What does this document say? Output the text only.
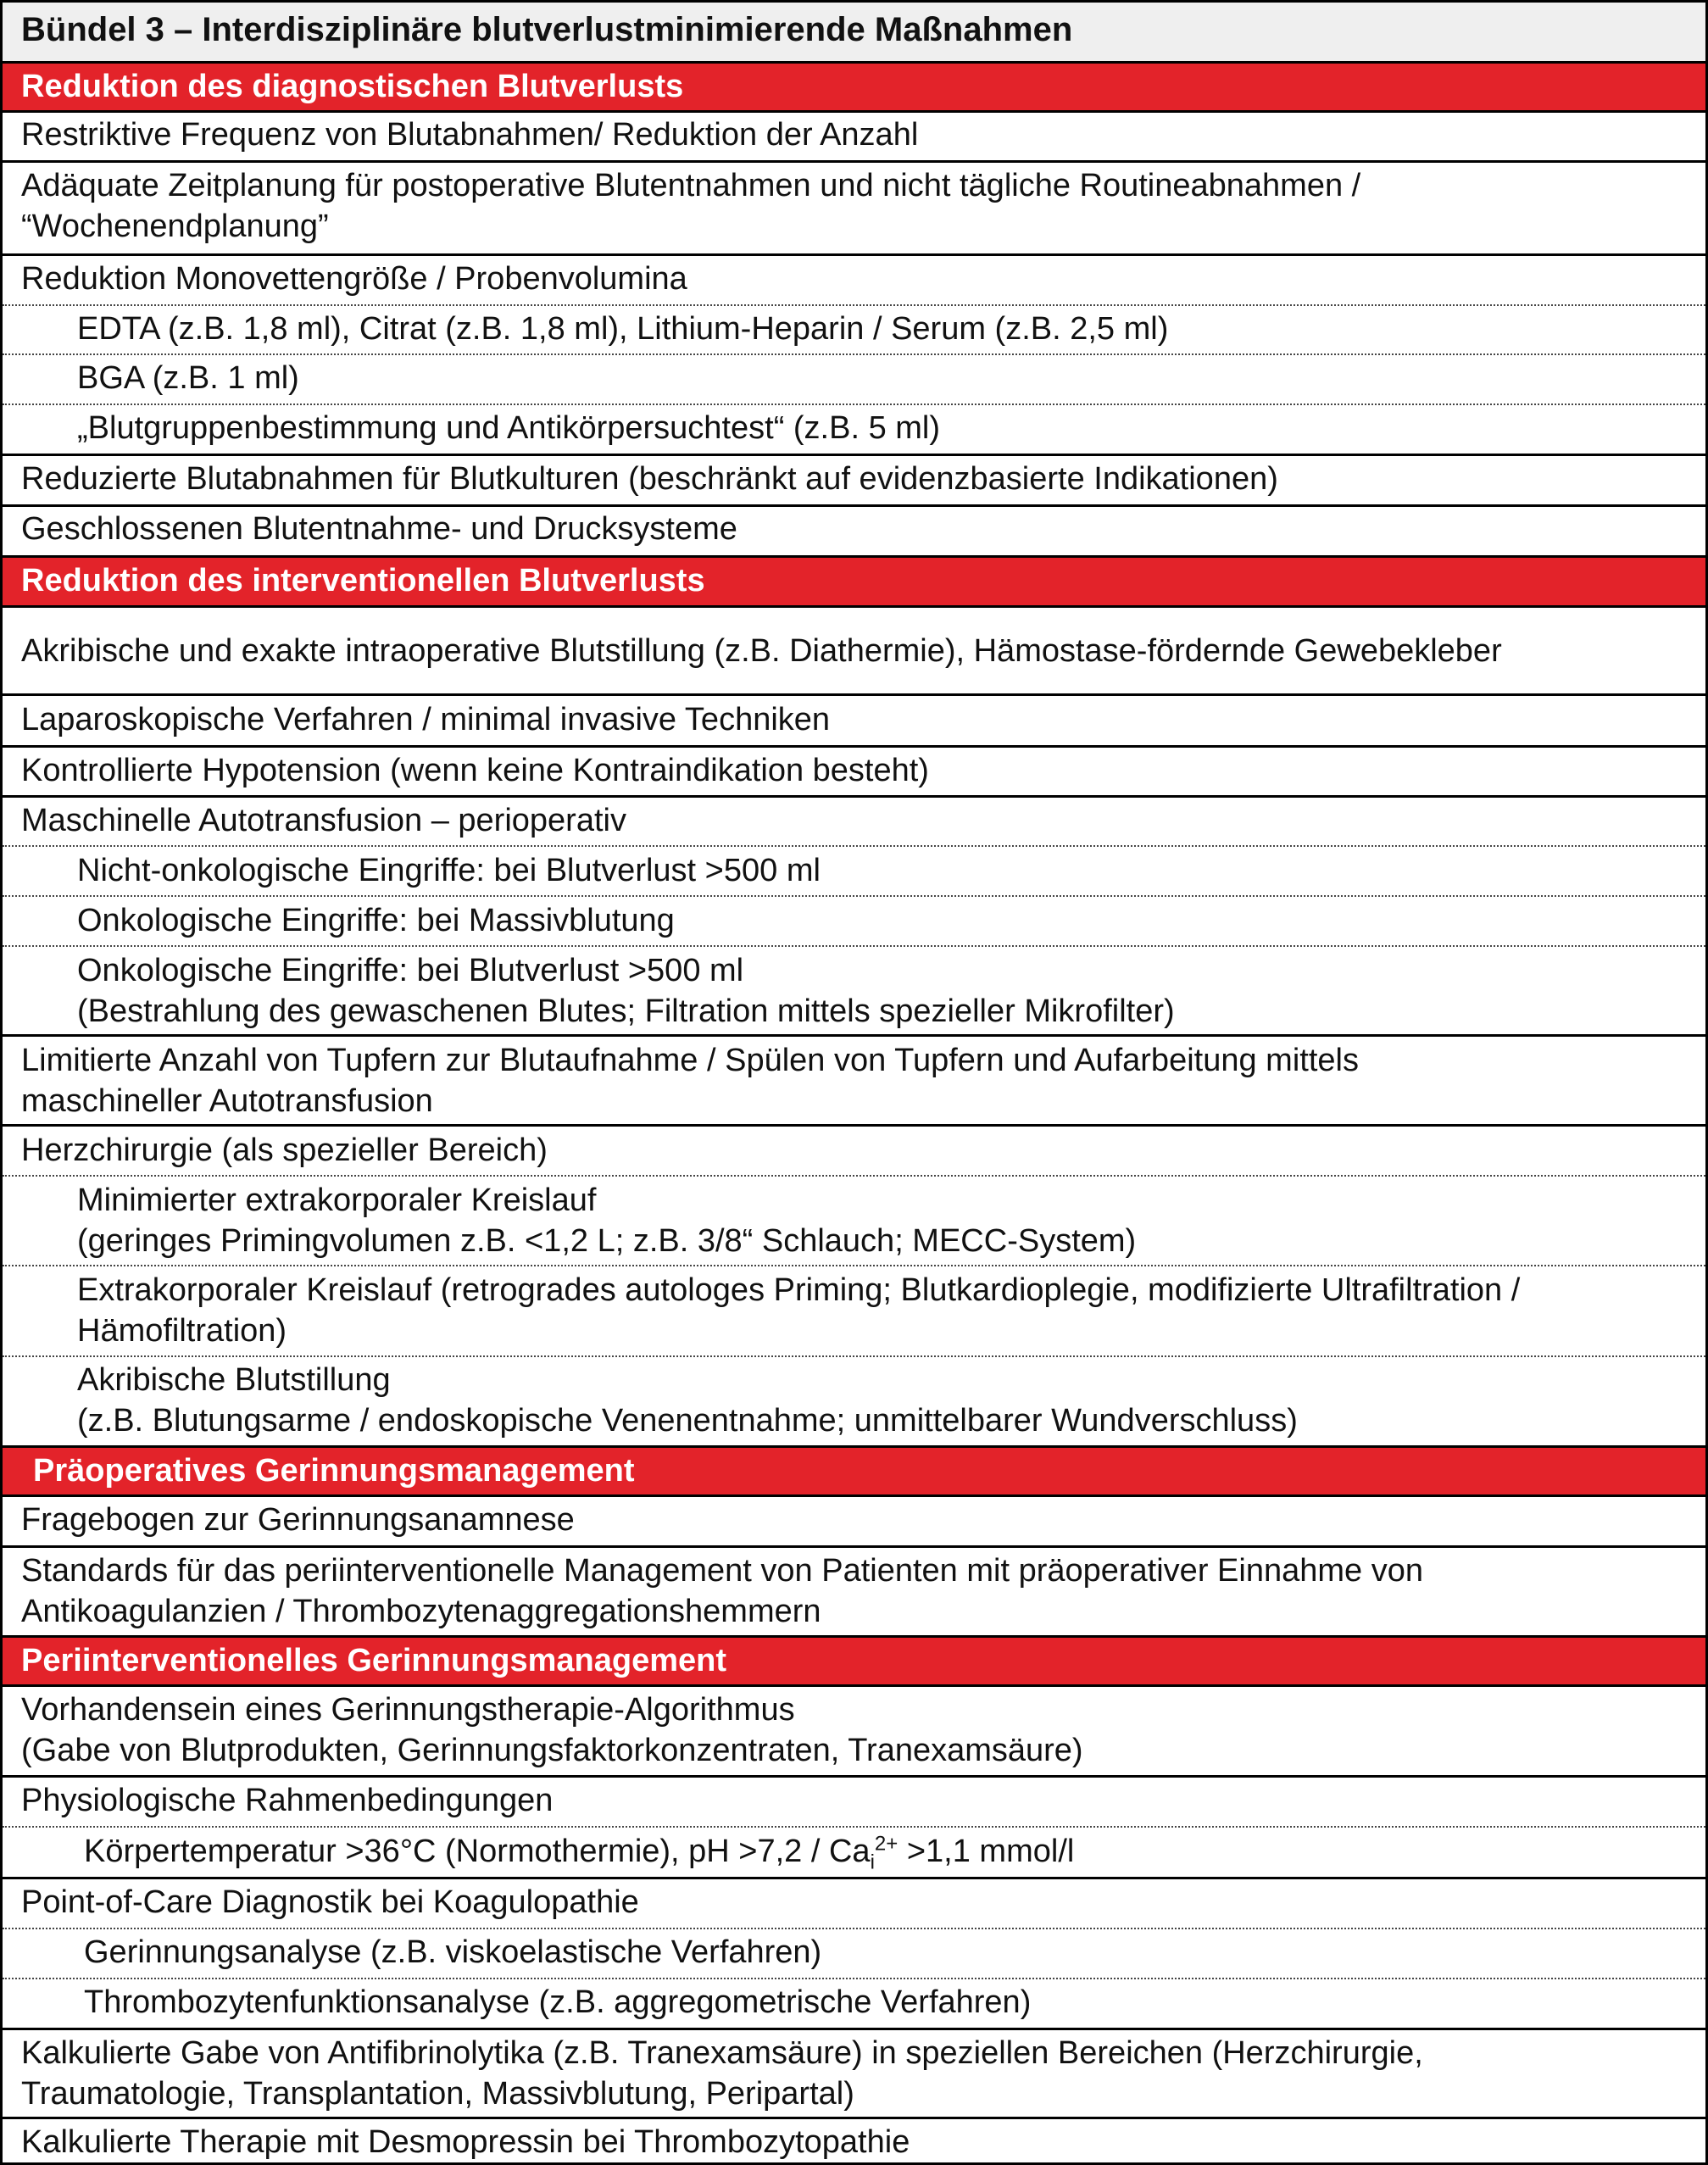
Bündel 3 – Interdisziplinäre blutverlustminimierende Maßnahmen
Reduktion des diagnostischen Blutverlusts
Restriktive Frequenz von Blutabnahmen/ Reduktion der Anzahl
Adäquate Zeitplanung für postoperative Blutentnahmen und nicht tägliche Routineabnahmen /
“Wochenendplanung”
Reduktion Monovettengröße / Probenvolumina
EDTA (z.B. 1,8 ml), Citrat (z.B. 1,8 ml), Lithium-Heparin / Serum (z.B. 2,5 ml)
BGA (z.B. 1 ml)
„Blutgruppenbestimmung und Antikörpersuchtest“ (z.B. 5 ml)
Reduzierte Blutabnahmen für Blutkulturen (beschränkt auf evidenzbasierte Indikationen)
Geschlossenen Blutentnahme- und Drucksysteme
Reduktion des interventionellen Blutverlusts
Akribische und exakte intraoperative Blutstillung (z.B. Diathermie), Hämostase-fördernde Gewebekleber
Laparoskopische Verfahren / minimal invasive Techniken
Kontrollierte Hypotension (wenn keine Kontraindikation besteht)
Maschinelle Autotransfusion – perioperativ
Nicht-onkologische Eingriffe: bei Blutverlust >500 ml
Onkologische Eingriffe: bei Massivblutung
Onkologische Eingriffe: bei Blutverlust >500 ml
(Bestrahlung des gewaschenen Blutes; Filtration mittels spezieller Mikrofilter)
Limitierte Anzahl von Tupfern zur Blutaufnahme / Spülen von Tupfern und Aufarbeitung mittels
maschineller Autotransfusion
Herzchirurgie (als spezieller Bereich)
Minimierter extrakorporaler Kreislauf
(geringes Primingvolumen z.B. <1,2 L; z.B. 3/8“ Schlauch; MECC-System)
Extrakorporaler Kreislauf (retrogrades autologes Priming; Blutkardioplegie, modifizierte Ultrafiltration /
Hämofiltration)
Akribische Blutstillung
(z.B. Blutungsarme / endoskopische Venenentnahme; unmittelbarer Wundverschluss)
Präoperatives Gerinnungsmanagement
Fragebogen zur Gerinnungsanamnese
Standards für das periinterventionelle Management von Patienten mit präoperativer Einnahme von
Antikoagulanzien / Thrombozytenaggregationshemmern
Periinterventionelles Gerinnungsmanagement
Vorhandensein eines Gerinnungstherapie-Algorithmus
(Gabe von Blutprodukten, Gerinnungsfaktorkonzentraten, Tranexamsäure)
Physiologische Rahmenbedingungen
Körpertemperatur >36°C (Normothermie), pH $>7,2 / Ca_i^{2+} >1,1$ mmol/l
Point-of-Care Diagnostik bei Koagulopathie
Gerinnungsanalyse (z.B. viskoelastische Verfahren)
Thrombozytenfunktionsanalyse (z.B. aggregometrische Verfahren)
Kalkulierte Gabe von Antifibrinolytika (z.B. Tranexamsäure) in speziellen Bereichen (Herzchirurgie,
Traumatologie, Transplantation, Massivblutung, Peripartal)
Kalkulierte Therapie mit Desmopressin bei Thrombozytopathie
